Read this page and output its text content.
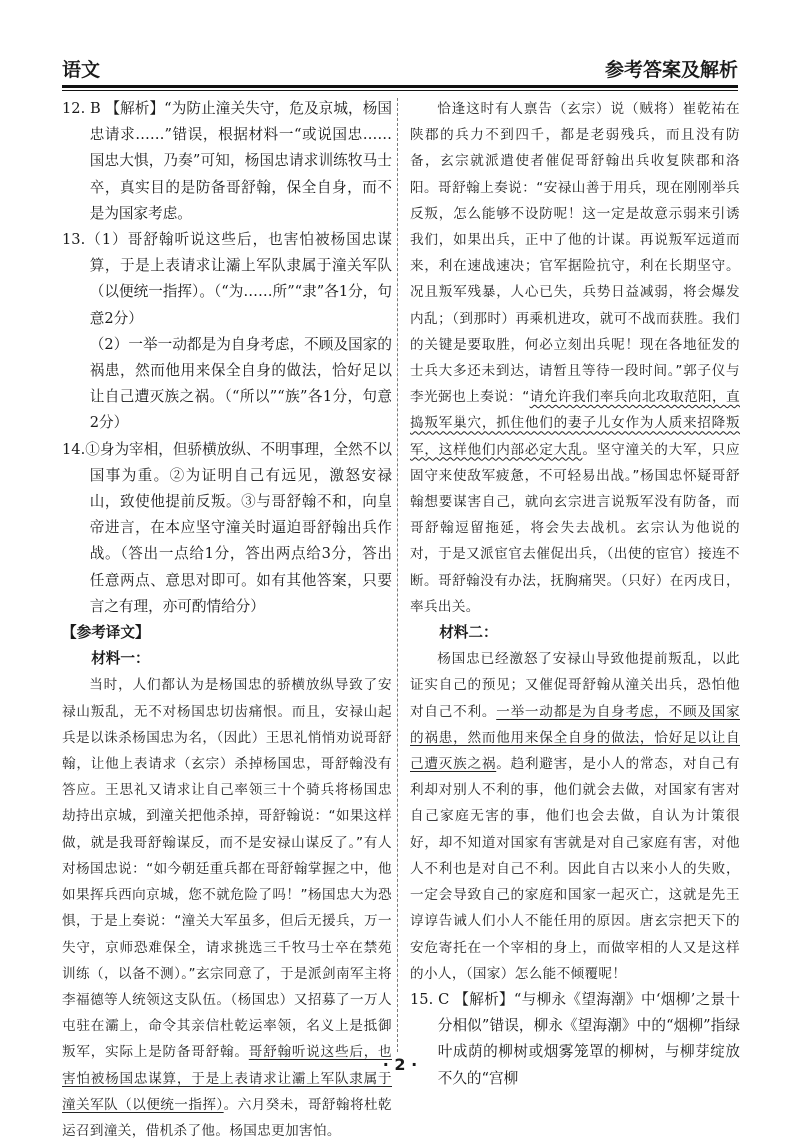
语文	参考答案及解析

12. B 【解析】“为防止潼关失守，危及京城，杨国忠请求……”错误，根据材料一“或说国忠……国忠大惧，乃奏”可知，杨国忠请求训练牧马士卒，真实目的是防备哥舒翰，保全自身，而不是为国家考虑。

13.（1）哥舒翰听说这些后，也害怕被杨国忠谋算，于是上表请求让灞上军队隶属于潼关军队（以便统一指挥）。（“为……所”“隶”各1分，句意2分）

（2）一举一动都是为自身考虑，不顾及国家的祸患，然而他用来保全自身的做法，恰好足以让自己遭灭族之祸。（“所以”“族”各1分，句意2分）

14.①身为宰相，但骄横放纵、不明事理，全然不以国事为重。②为证明自己有远见，激怒安禄山，致使他提前反叛。③与哥舒翰不和，向皇帝进言，在本应坚守潼关时逼迫哥舒翰出兵作战。（答出一点给1分，答出两点给3分，答出任意两点、意思对即可。如有其他答案，只要言之有理，亦可酌情给分）

【参考译文】

材料一：

当时，人们都认为是杨国忠的骄横放纵导致了安禄山叛乱，无不对杨国忠切齿痛恨。而且，安禄山起兵是以诛杀杨国忠为名，（因此）王思礼悄悄劝说哥舒翰，让他上表请求（玄宗）杀掉杨国忠，哥舒翰没有答应。王思礼又请求让自己率领三十个骑兵将杨国忠劫持出京城，到潼关把他杀掉，哥舒翰说：“如果这样做，就是我哥舒翰谋反，而不是安禄山谋反了。”有人对杨国忠说：“如今朝廷重兵都在哥舒翰掌握之中，他如果挥兵西向京城，您不就危险了吗！”杨国忠大为恐惧，于是上奏说：“潼关大军虽多，但后无援兵，万一失守，京师恐难保全，请求挑选三千牧马士卒在禁苑训练（，以备不测）。”玄宗同意了，于是派剑南军主将李福德等人统领这支队伍。（杨国忠）又招募了一万人屯驻在灞上，命令其亲信杜乾运率领，名义上是抵御叛军，实际上是防备哥舒翰。哥舒翰听说这些后，也害怕被杨国忠谋算，于是上表请求让灞上军队隶属于潼关军队（以便统一指挥）。六月癸未，哥舒翰将杜乾运召到潼关，借机杀了他。杨国忠更加害怕。

恰逢这时有人禀告（玄宗）说（贼将）崔乾祐在陕郡的兵力不到四千，都是老弱残兵，而且没有防备，玄宗就派遣使者催促哥舒翰出兵收复陕郡和洛阳。哥舒翰上奏说：“安禄山善于用兵，现在刚刚举兵反叛，怎么能够不设防呢！这一定是故意示弱来引诱我们，如果出兵，正中了他的计谋。再说叛军远道而来，利在速战速决；官军据险抗守，利在长期坚守。况且叛军残暴，人心已失，兵势日益减弱，将会爆发内乱；（到那时）再乘机进攻，就可不战而获胜。我们的关键是要取胜，何必立刻出兵呢！现在各地征发的士兵大多还未到达，请暂且等待一段时间。”郭子仪与李光弼也上奏说：“请允许我们率兵向北攻取范阳，直捣叛军巢穴，抓住他们的妻子儿女作为人质来招降叛军，这样他们内部必定大乱。坚守潼关的大军，只应固守来使敌军疲惫，不可轻易出战。”杨国忠怀疑哥舒翰想要谋害自己，就向玄宗进言说叛军没有防备，而哥舒翰逗留拖延，将会失去战机。玄宗认为他说的对，于是又派宦官去催促出兵，（出使的宦官）接连不断。哥舒翰没有办法，抚胸痛哭。（只好）在丙戌日，率兵出关。

材料二：

杨国忠已经激怒了安禄山导致他提前叛乱，以此证实自己的预见；又催促哥舒翰从潼关出兵，恐怕他对自己不利。一举一动都是为自身考虑，不顾及国家的祸患，然而他用来保全自身的做法，恰好足以让自己遭灭族之祸。趋利避害，是小人的常态，对自己有利却对别人不利的事，他们就会去做，对国家有害对自己家庭无害的事，他们也会去做，自认为计策很好，却不知道对国家有害就是对自己家庭有害，对他人不利也是对自己不利。因此自古以来小人的失败，一定会导致自己的家庭和国家一起灭亡，这就是先王谆谆告诫人们小人不能任用的原因。唐玄宗把天下的安危寄托在一个宰相的身上，而做宰相的人又是这样的小人，（国家）怎么能不倾覆呢！

15. C 【解析】“与柳永《望海潮》中‘烟柳’之景十分相似”错误，柳永《望海潮》中的“烟柳”指绿叶成荫的柳树或烟雾笼罩的柳树，与柳芽绽放不久的“宫柳

· 2 ·
